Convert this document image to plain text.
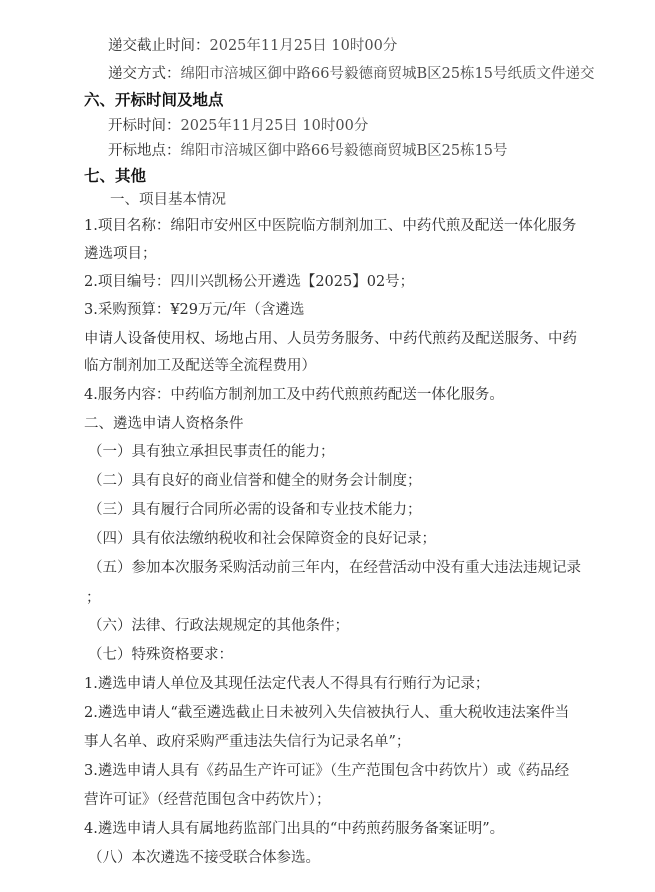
递交截止时间：2025年11月25日 10时00分
递交方式：绵阳市涪城区御中路66号毅德商贸城B区25栋15号纸质文件递交
六、开标时间及地点
开标时间：2025年11月25日 10时00分
开标地点：绵阳市涪城区御中路66号毅德商贸城B区25栋15号
七、其他
一、项目基本情况
1.项目名称：绵阳市安州区中医院临方制剂加工、中药代煎及配送一体化服务
遴选项目；
2.项目编号：四川兴凯杨公开遴选【2025】02号；
3.采购预算：¥29万元/年（含遴选
申请人设备使用权、场地占用、人员劳务服务、中药代煎药及配送服务、中药
临方制剂加工及配送等全流程费用）
4.服务内容：中药临方制剂加工及中药代煎煎药配送一体化服务。
二、遴选申请人资格条件
（一）具有独立承担民事责任的能力；
（二）具有良好的商业信誉和健全的财务会计制度；
（三）具有履行合同所必需的设备和专业技术能力；
（四）具有依法缴纳税收和社会保障资金的良好记录；
（五）参加本次服务采购活动前三年内，在经营活动中没有重大违法违规记录
；
（六）法律、行政法规规定的其他条件；
（七）特殊资格要求：
1.遴选申请人单位及其现任法定代表人不得具有行贿行为记录；
2.遴选申请人“截至遴选截止日未被列入失信被执行人、重大税收违法案件当
事人名单、政府采购严重违法失信行为记录名单”；
3.遴选申请人具有《药品生产许可证》（生产范围包含中药饮片）或《药品经
营许可证》（经营范围包含中药饮片）；
4.遴选申请人具有属地药监部门出具的“中药煎药服务备案证明”。
（八）本次遴选不接受联合体参选。
